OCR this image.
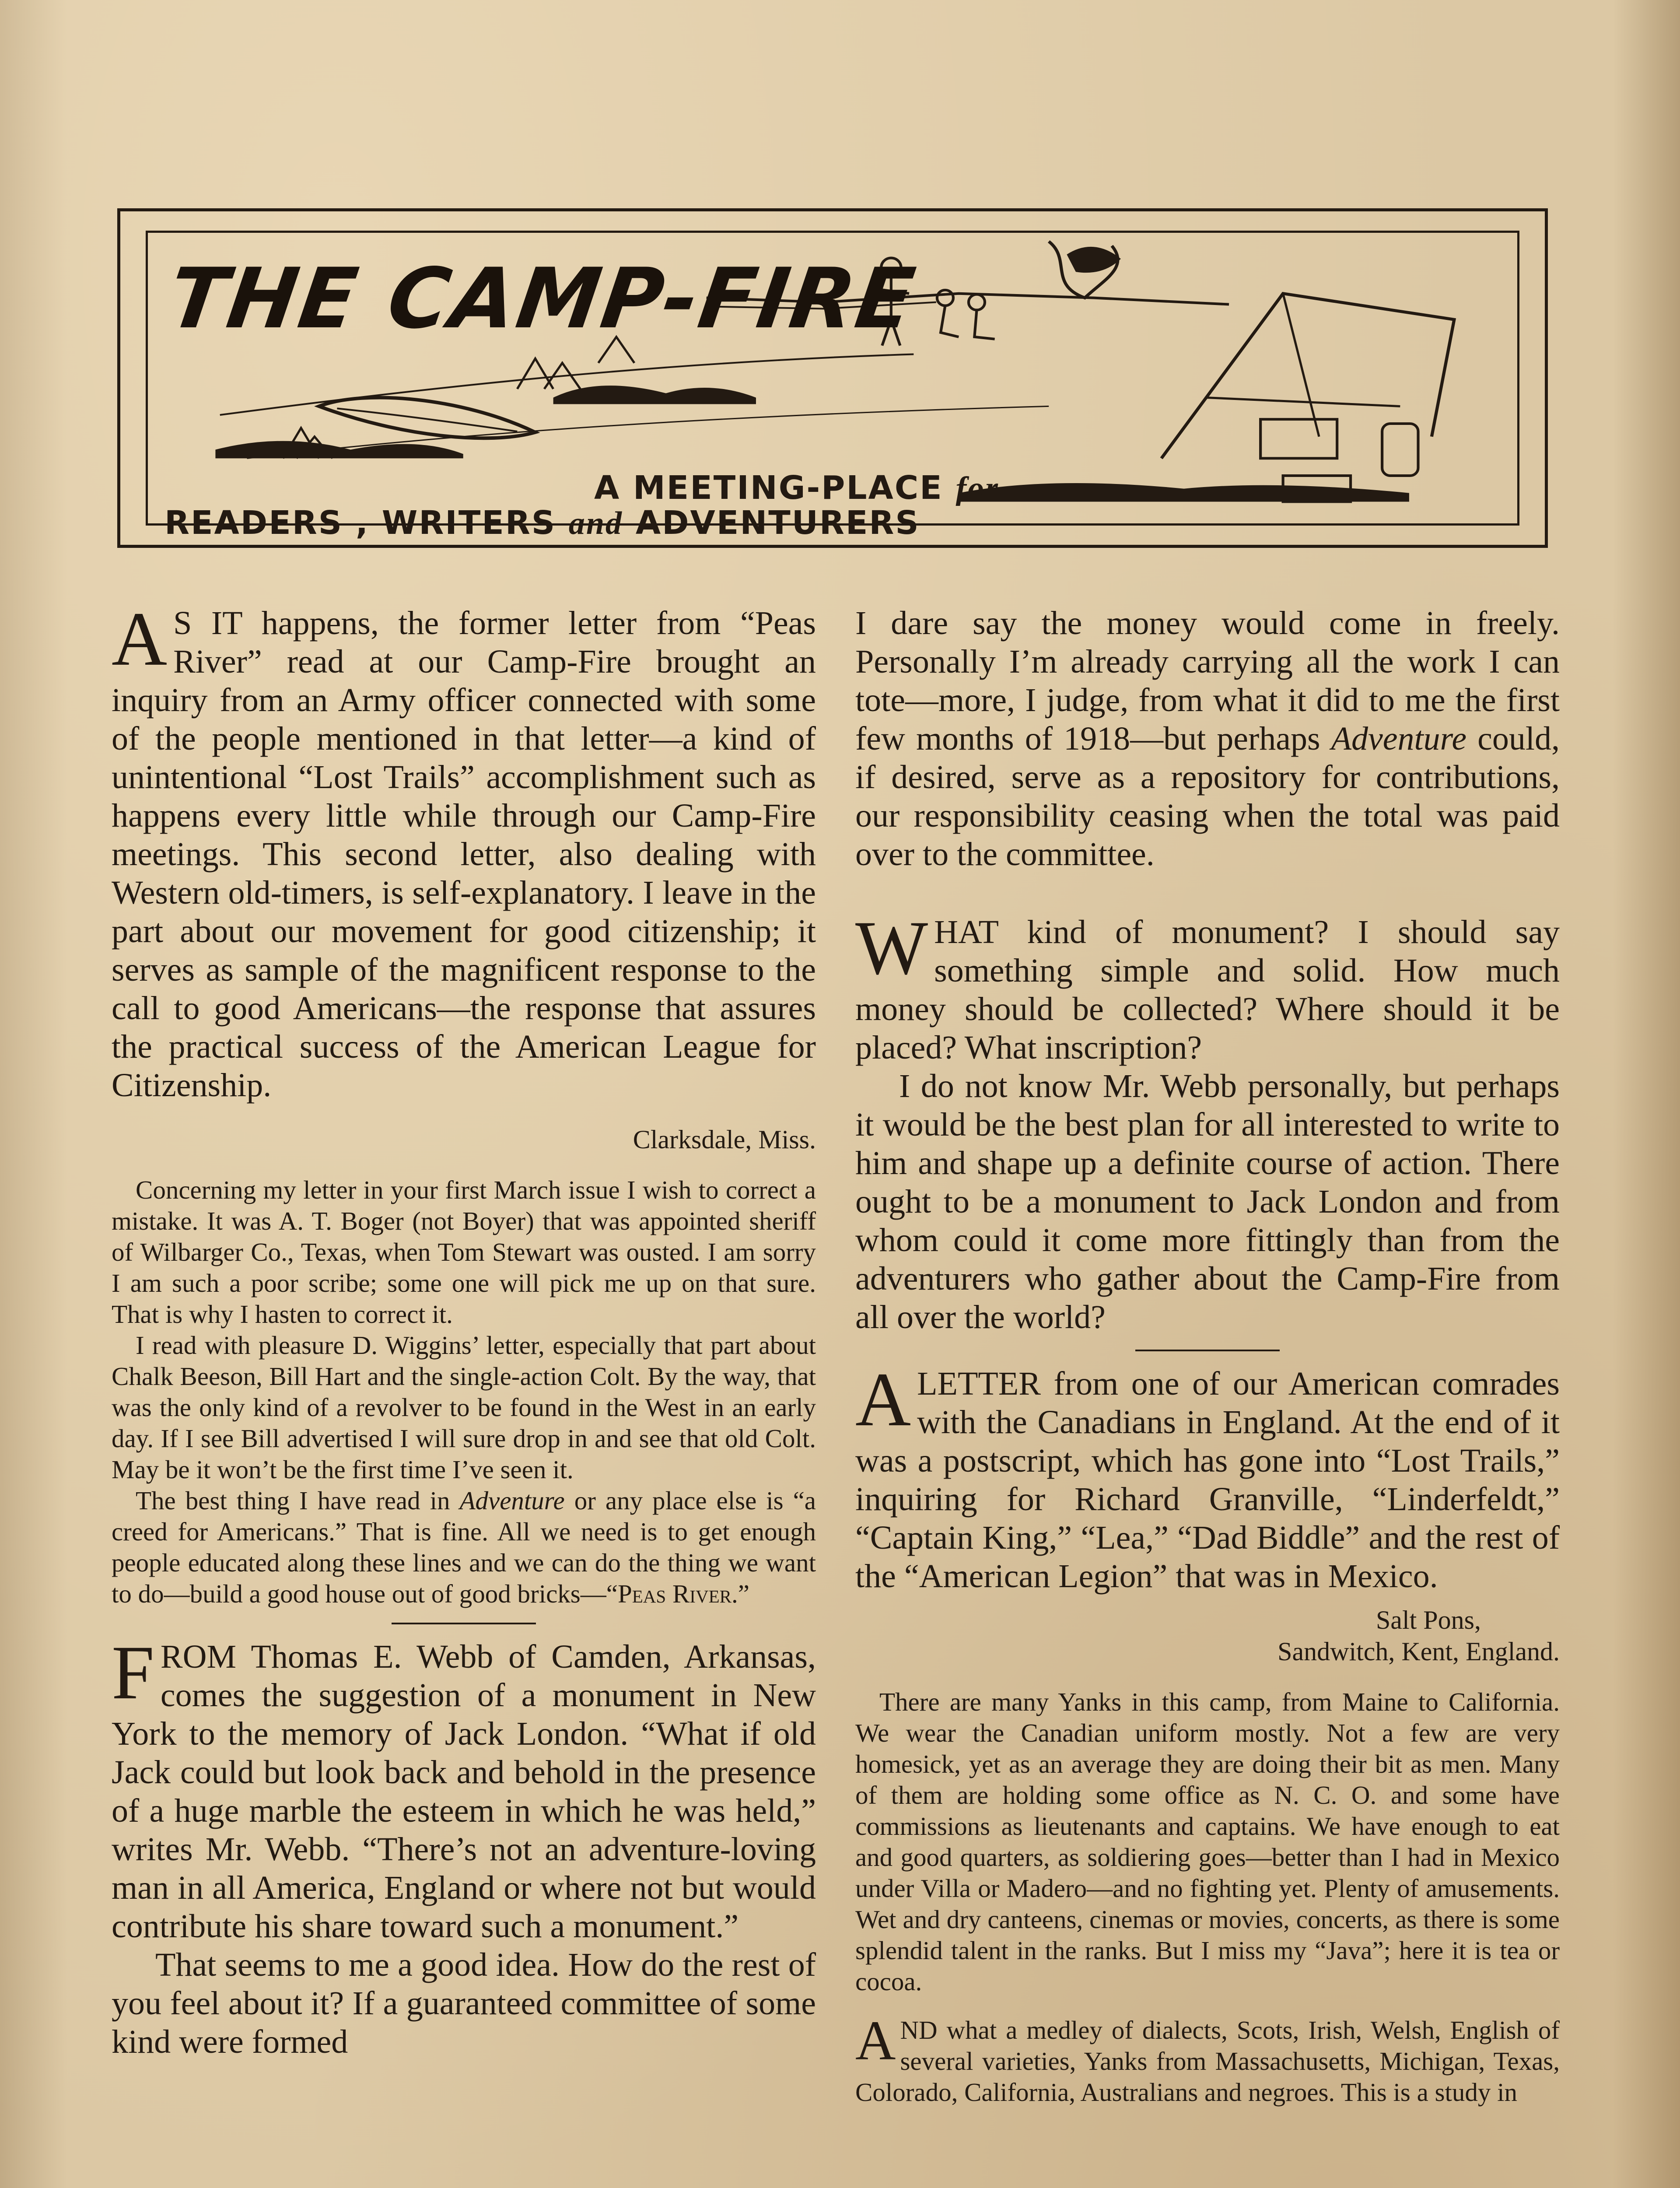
THE CAMP-FIRE
A MEETING-PLACE for
READERS , WRITERS and ADVENTURERS

A S IT happens, the former letter from “Peas River” read at our Camp-Fire brought an inquiry from an Army officer connected with some of the people mentioned in that letter—a kind of unintentional “Lost Trails” accomplishment such as happens every little while through our Camp-Fire meetings. This second letter, also dealing with Western old-timers, is self-explanatory. I leave in the part about our movement for good citizenship; it serves as sample of the magnificent response to the call to good Americans—the response that assures the practical success of the American League for Citizenship.

Clarksdale, Miss.

Concerning my letter in your first March issue I wish to correct a mistake. It was A. T. Boger (not Boyer) that was appointed sheriff of Wilbarger Co., Texas, when Tom Stewart was ousted. I am sorry I am such a poor scribe; some one will pick me up on that sure. That is why I hasten to correct it.

I read with pleasure D. Wiggins’ letter, especially that part about Chalk Beeson, Bill Hart and the single-action Colt. By the way, that was the only kind of a revolver to be found in the West in an early day. If I see Bill advertised I will sure drop in and see that old Colt. May be it won’t be the first time I’ve seen it.

The best thing I have read in Adventure or any place else is “a creed for Americans.” That is fine. All we need is to get enough people educated along these lines and we can do the thing we want to do—build a good house out of good bricks—“Peas River.”

FROM Thomas E. Webb of Camden, Arkansas, comes the suggestion of a monument in New York to the memory of Jack London. “What if old Jack could but look back and behold in the presence of a huge marble the esteem in which he was held,” writes Mr. Webb. “There’s not an adventure-loving man in all America, England or where not but would contribute his share toward such a monument.”

That seems to me a good idea. How do the rest of you feel about it? If a guaranteed committee of some kind were formed

I dare say the money would come in freely. Personally I’m already carrying all the work I can tote—more, I judge, from what it did to me the first few months of 1918—but perhaps Adventure could, if desired, serve as a repository for contributions, our responsibility ceasing when the total was paid over to the committee.

WHAT kind of monument? I should say something simple and solid. How much money should be collected? Where should it be placed? What inscription?

I do not know Mr. Webb personally, but perhaps it would be the best plan for all interested to write to him and shape up a definite course of action. There ought to be a monument to Jack London and from whom could it come more fittingly than from the adventurers who gather about the Camp-Fire from all over the world?

A LETTER from one of our American comrades with the Canadians in England. At the end of it was a postscript, which has gone into “Lost Trails,” inquiring for Richard Granville, “Linderfeldt,” “Captain King,” “Lea,” “Dad Biddle” and the rest of the “American Legion” that was in Mexico.

Salt Pons,

Sandwitch, Kent, England.

There are many Yanks in this camp, from Maine to California. We wear the Canadian uniform mostly. Not a few are very homesick, yet as an average they are doing their bit as men. Many of them are holding some office as N. C. O. and some have commissions as lieutenants and captains. We have enough to eat and good quarters, as soldiering goes—better than I had in Mexico under Villa or Madero—and no fighting yet. Plenty of amusements. Wet and dry canteens, cinemas or movies, concerts, as there is some splendid talent in the ranks. But I miss my “Java”; here it is tea or cocoa.

AND what a medley of dialects, Scots, Irish, Welsh, English of several varieties, Yanks from Massachusetts, Michigan, Texas, Colorado, California, Australians and negroes. This is a study in
